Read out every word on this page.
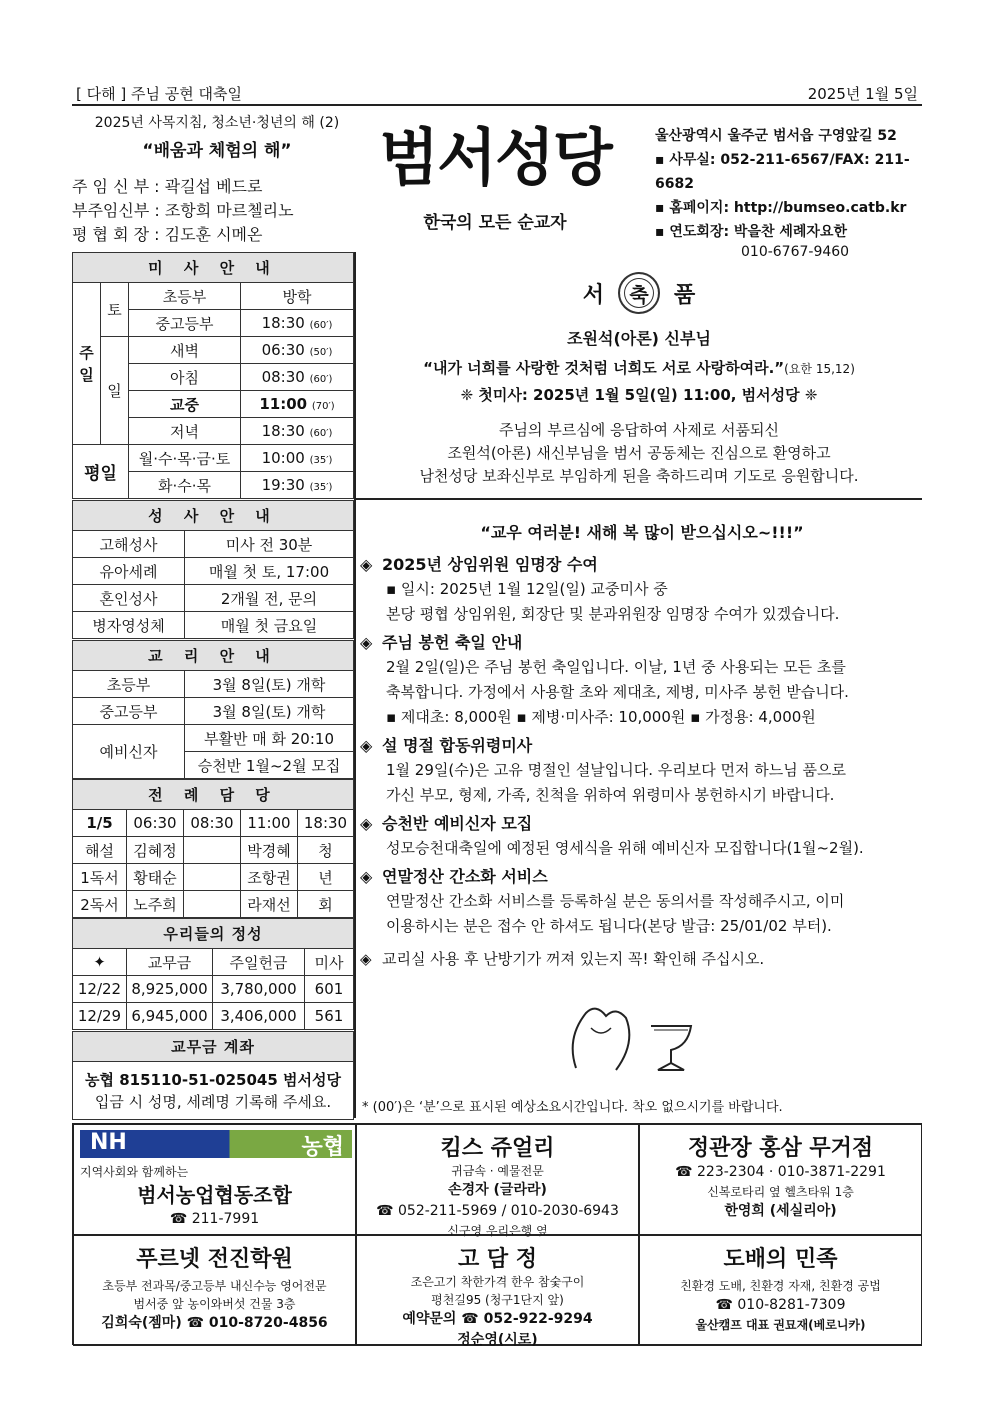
[ 다해 ] 주님 공현 대축일	2025년 1월 5일
2025년 사목지침, 청소년·청년의 해 (2)
“배움과 체험의 해”
주 임 신 부 : 곽길섭 베드로
부주임신부 : 조항희 마르첼리노
평 협 회 장 : 김도훈 시메온
범서성당
한국의 모든 순교자
울산광역시 울주군 범서읍 구영앞길 52
▪ 사무실: 052-211-6567/FAX: 211-6682
▪ 홈페이지: http://bumseo.catb.kr
▪ 연도회장: 박을찬 세례자요한
010-6767-9460
미 사 안 내			
주
일	토	초등부	방학
		중고등부	18:30 (60′)
	일	새벽	06:30 (50′)
		아침	08:30 (60′)
		교중	11:00 (70′)
		저녁	18:30 (60′)
평일		월·수·목·금·토	10:00 (35′)
		화·수·목	19:30 (35′)
성 사 안 내	
고해성사	미사 전 30분
유아세례	매월 첫 토, 17:00
혼인성사	2개월 전, 문의
병자영성체	매월 첫 금요일
교 리 안 내	
초등부	3월 8일(토) 개학
중고등부	3월 8일(토) 개학
예비신자	부활반 매 화 20:10
	승천반 1월~2월 모집
전 례 담 당				
1/5	06:30	08:30	11:00	18:30
해설	김혜정		박경혜	청
1독서	황태순		조항권	년
2독서	노주희		라재선	회
우리들의 정성			
✦	교무금	주일헌금	미사
12/22	8,925,000	3,780,000	601
12/29	6,945,000	3,406,000	561
교무금 계좌

농협 815110-51-025045 범서성당
입금 시 성명, 세례명 기록해 주세요.
서	축	품
조원석(아론) 신부님
“내가 너희를 사랑한 것처럼 너희도 서로 사랑하여라.”(요한 15,12)
❈ 첫미사: 2025년 1월 5일(일) 11:00, 범서성당 ❈
주님의 부르심에 응답하여 사제로 서품되신
조원석(아론) 새신부님을 범서 공동체는 진심으로 환영하고
남천성당 보좌신부로 부임하게 된을 축하드리며 기도로 응원합니다.
“교우 여러분! 새해 복 많이 받으십시오~!!!”
◈ 2025년 상임위원 임명장 수여
▪ 일시: 2025년 1월 12일(일) 교중미사 중
본당 평협 상임위원, 회장단 및 분과위원장 임명장 수여가 있겠습니다.
◈ 주님 봉헌 축일 안내
2월 2일(일)은 주님 봉헌 축일입니다. 이날, 1년 중 사용되는 모든 초를
축복합니다. 가정에서 사용할 초와 제대초, 제병, 미사주 봉헌 받습니다.
▪ 제대초: 8,000원 ▪ 제병·미사주: 10,000원 ▪ 가정용: 4,000원
◈ 설 명절 합동위령미사
1월 29일(수)은 고유 명절인 설날입니다. 우리보다 먼저 하느님 품으로
가신 부모, 형제, 가족, 친척을 위하여 위령미사 봉헌하시기 바랍니다.
◈ 승천반 예비신자 모집
성모승천대축일에 예정된 영세식을 위해 예비신자 모집합니다(1월~2월).
◈ 연말정산 간소화 서비스
연말정산 간소화 서비스를 등록하실 분은 동의서를 작성해주시고, 이미
이용하시는 분은 접수 안 하셔도 됩니다(본당 발급: 25/01/02 부터).
◈ 교리실 사용 후 난방기가 꺼져 있는지 꼭! 확인해 주십시오.
* (00′)은 ‘분’으로 표시된 예상소요시간입니다. 착오 없으시기를 바랍니다.
NH	농협
지역사회와 함께하는
범서농업협동조합
☎ 211-7991
킴스 쥬얼리
귀금속 · 예물전문
손경자 (글라라)
☎ 052-211-5969 / 010-2030-6943
신구영 우리은행 옆
정관장 홍삼 무거점
☎ 223-2304 · 010-3871-2291
신복로타리 옆 헬츠타워 1층
한영희 (세실리아)
푸르넷 전진학원
초등부 전과목/중고등부 내신수능 영어전문
범서중 앞 농이와버섯 건물 3층
김희숙(젬마) ☎ 010-8720-4856
고 담 정
조은고기 착한가격 한우 참숯구이
평천길95 (청구1단지 앞)
예약문의 ☎ 052-922-9294
정순영(시로)
도배의 민족
친환경 도배, 친환경 자재, 친환경 공법
☎ 010-8281-7309
울산캠프 대표 권묘재(베로니카)
